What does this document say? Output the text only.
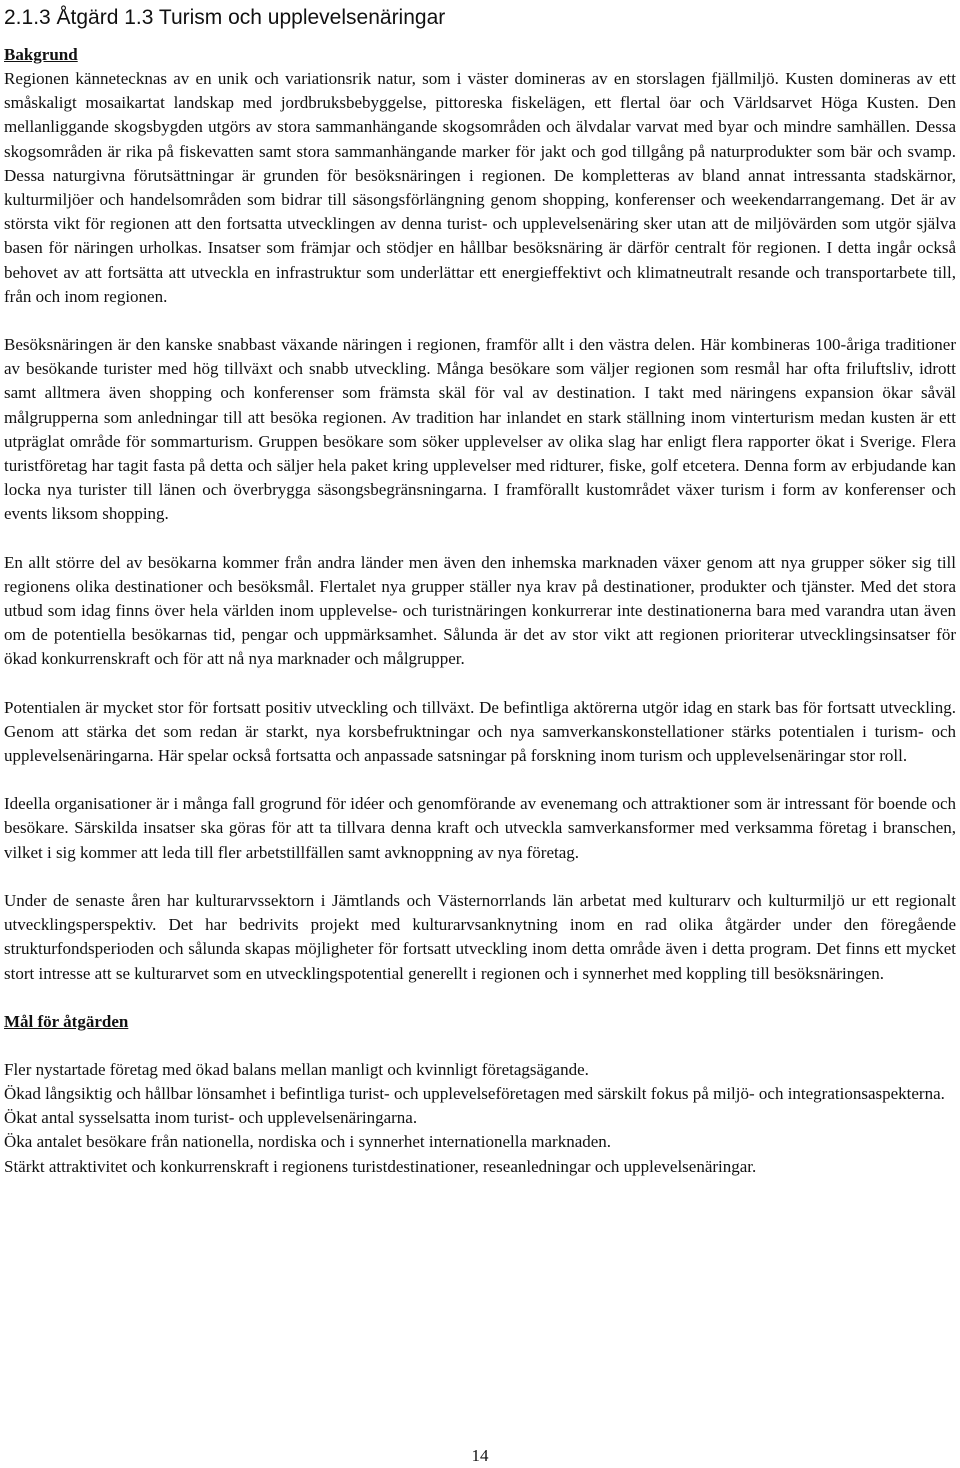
2.1.3 Åtgärd 1.3 Turism och upplevelsenäringar

Bakgrund

Regionen kännetecknas av en unik och variationsrik natur, som i väster domineras av en storslagen fjällmiljö. Kusten domineras av ett småskaligt mosaikartat landskap med jordbruksbebyggelse, pittoreska fiskelägen, ett flertal öar och Världsarvet Höga Kusten. Den mellanliggande skogsbygden utgörs av stora sammanhängande skogsområden och älvdalar varvat med byar och mindre samhällen. Dessa skogsområden är rika på fiskevatten samt stora sammanhängande marker för jakt och god tillgång på naturprodukter som bär och svamp. Dessa naturgivna förutsättningar är grunden för besöksnäringen i regionen. De kompletteras av bland annat intressanta stadskärnor, kulturmiljöer och handelsområden som bidrar till säsongsförlängning genom shopping, konferenser och weekendarrangemang. Det är av största vikt för regionen att den fortsatta utvecklingen av denna turist- och upplevelsenäring sker utan att de miljövärden som utgör själva basen för näringen urholkas. Insatser som främjar och stödjer en hållbar besöksnäring är därför centralt för regionen. I detta ingår också behovet av att fortsätta att utveckla en infrastruktur som underlättar ett energieffektivt och klimatneutralt resande och transportarbete till, från och inom regionen.

Besöksnäringen är den kanske snabbast växande näringen i regionen, framför allt i den västra delen. Här kombineras 100-åriga traditioner av besökande turister med hög tillväxt och snabb utveckling. Många besökare som väljer regionen som resmål har ofta friluftsliv, idrott samt alltmera även shopping och konferenser som främsta skäl för val av destination. I takt med näringens expansion ökar såväl målgrupperna som anledningar till att besöka regionen. Av tradition har inlandet en stark ställning inom vinterturism medan kusten är ett utpräglat område för sommarturism. Gruppen besökare som söker upplevelser av olika slag har enligt flera rapporter ökat i Sverige. Flera turistföretag har tagit fasta på detta och säljer hela paket kring upplevelser med ridturer, fiske, golf etcetera. Denna form av erbjudande kan locka nya turister till länen och överbrygga säsongsbegränsningarna. I framförallt kustområdet växer turism i form av konferenser och events liksom shopping.

En allt större del av besökarna kommer från andra länder men även den inhemska marknaden växer genom att nya grupper söker sig till regionens olika destinationer och besöksmål. Flertalet nya grupper ställer nya krav på destinationer, produkter och tjänster. Med det stora utbud som idag finns över hela världen inom upplevelse- och turistnäringen konkurrerar inte destinationerna bara med varandra utan även om de potentiella besökarnas tid, pengar och uppmärksamhet. Sålunda är det av stor vikt att regionen prioriterar utvecklingsinsatser för ökad konkurrenskraft och för att nå nya marknader och målgrupper.

Potentialen är mycket stor för fortsatt positiv utveckling och tillväxt. De befintliga aktörerna utgör idag en stark bas för fortsatt utveckling. Genom att stärka det som redan är starkt, nya korsbefruktningar och nya samverkanskonstellationer stärks potentialen i turism- och upplevelsenäringarna. Här spelar också fortsatta och anpassade satsningar på forskning inom turism och upplevelsenäringar stor roll.

Ideella organisationer är i många fall grogrund för idéer och genomförande av evenemang och attraktioner som är intressant för boende och besökare. Särskilda insatser ska göras för att ta tillvara denna kraft och utveckla samverkansformer med verksamma företag i branschen, vilket i sig kommer att leda till fler arbetstillfällen samt avknoppning av nya företag.

Under de senaste åren har kulturarvssektorn i Jämtlands och Västernorrlands län arbetat med kulturarv och kulturmiljö ur ett regionalt utvecklingsperspektiv. Det har bedrivits projekt med kulturarvsanknytning inom en rad olika åtgärder under den föregående strukturfondsperioden och sålunda skapas möjligheter för fortsatt utveckling inom detta område även i detta program. Det finns ett mycket stort intresse att se kulturarvet som en utvecklingspotential generellt i regionen och i synnerhet med koppling till besöksnäringen.

Mål för åtgärden

Fler nystartade företag med ökad balans mellan manligt och kvinnligt företagsägande.
Ökad långsiktig och hållbar lönsamhet i befintliga turist- och upplevelseföretagen med särskilt fokus på miljö- och integrationsaspekterna.
Ökat antal sysselsatta inom turist- och upplevelsenäringarna.
Öka antalet besökare från nationella, nordiska och i synnerhet internationella marknaden.
Stärkt attraktivitet och konkurrenskraft i regionens turistdestinationer, reseanledningar och upplevelsenäringar.
14
